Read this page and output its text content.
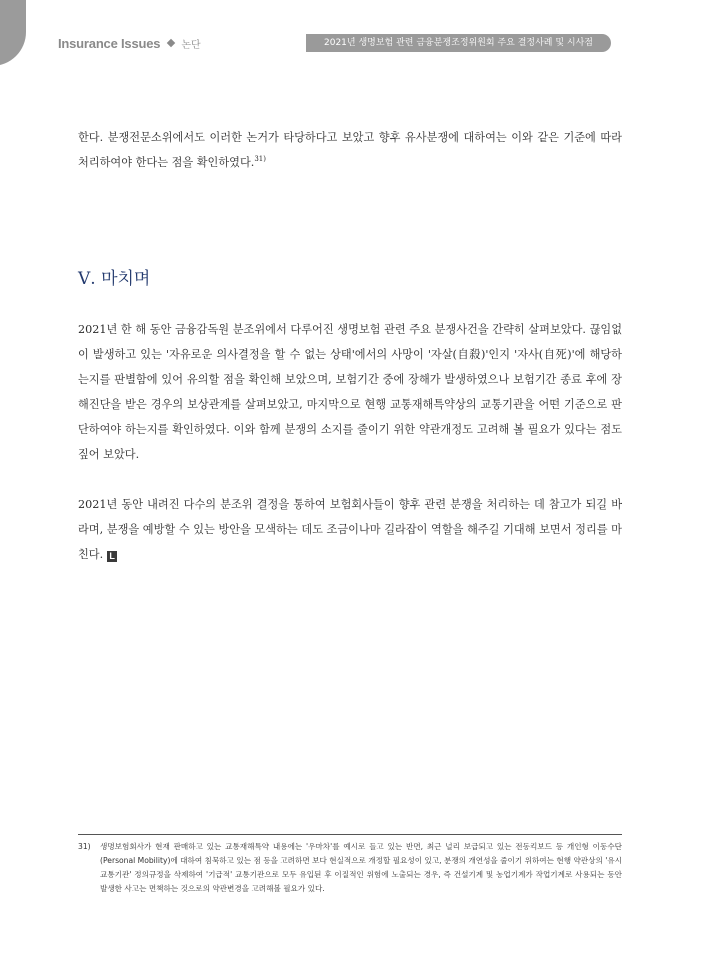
Insurance Issues 논단	2021년 생명보험 관련 금융분쟁조정위원회 주요 결정사례 및 시사점

한다. 분쟁전문소위에서도 이러한 논거가 타당하다고 보았고 향후 유사분쟁에 대하여는 이와 같은 기준에 따라 처리하여야 한다는 점을 확인하였다.$^{31)}$

Ⅴ. 마치며

2021년 한 해 동안 금융감독원 분조위에서 다루어진 생명보험 관련 주요 분쟁사건을 간략히 살펴보았다. 끊임없이 발생하고 있는 '자유로운 의사결정을 할 수 없는 상태'에서의 사망이 '자살(自殺)'인지 '자사(自死)'에 해당하는지를 판별함에 있어 유의할 점을 확인해 보았으며, 보험기간 중에 장해가 발생하였으나 보험기간 종료 후에 장해진단을 받은 경우의 보상관계를 살펴보았고, 마지막으로 현행 교통재해특약상의 교통기관을 어떤 기준으로 판단하여야 하는지를 확인하였다. 이와 함께 분쟁의 소지를 줄이기 위한 약관개정도 고려해 볼 필요가 있다는 점도 짚어 보았다.

2021년 동안 내려진 다수의 분조위 결정을 통하여 보험회사들이 향후 관련 분쟁을 처리하는 데 참고가 되길 바라며, 분쟁을 예방할 수 있는 방안을 모색하는 데도 조금이나마 길라잡이 역할을 해주길 기대해 보면서 정리를 마친다. L

31)	생명보험회사가 현재 판매하고 있는 교통재해특약 내용에는 '우마차'를 예시로 들고 있는 반면, 최근 널리 보급되고 있는 전동킥보드 등 개인형 이동수단(Personal Mobility)에 대하여 침묵하고 있는 점 등을 고려하면 보다 현실적으로 개정할 필요성이 있고, 분쟁의 개연성을 줄이기 위하여는 현행 약관상의 '유시교통기관' 정의규정을 삭제하여 '기급적' 교통기관으로 모두 유입된 후 이질적인 위험에 노출되는 경우, 즉 건설기계 및 농업기계가 작업기계로 사용되는 동안 발생한 사고는 면책하는 것으로의 약관변경을 고려해볼 필요가 있다.
